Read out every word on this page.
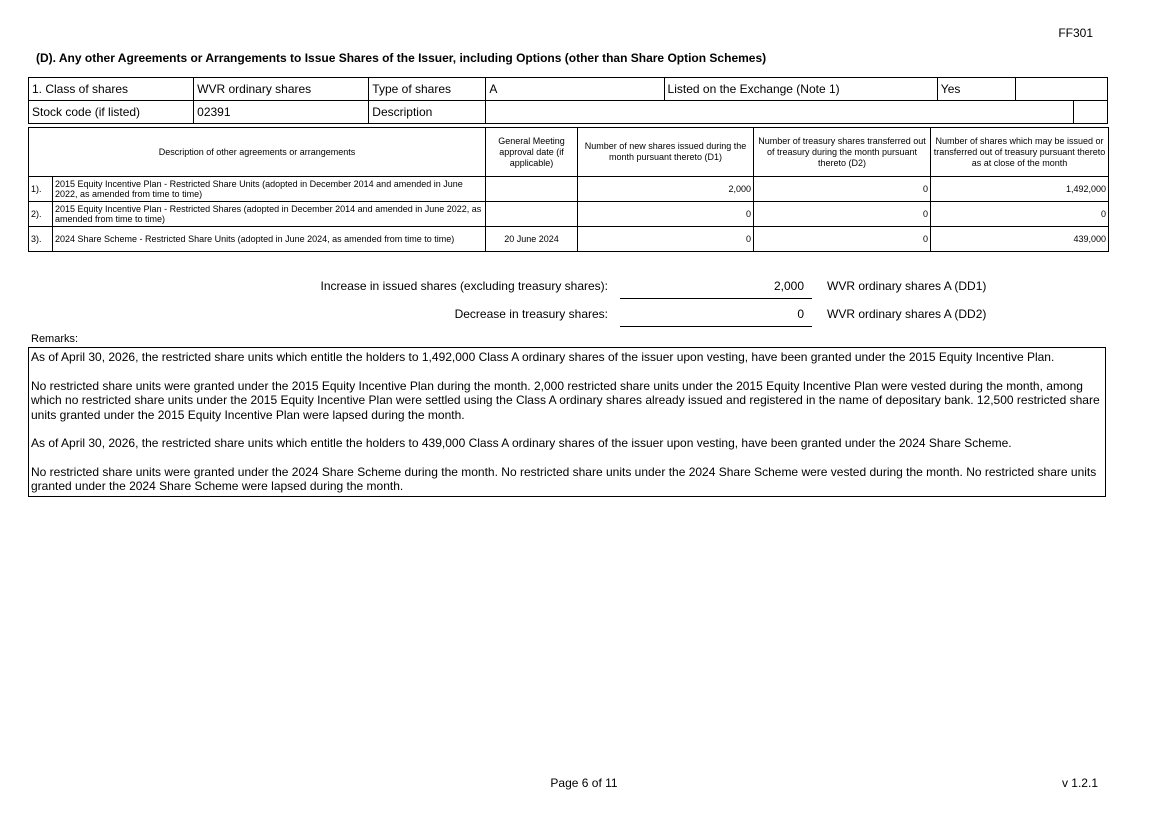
FF301
(D). Any other Agreements or Arrangements to Issue Shares of the Issuer, including Options (other than Share Option Schemes)
1. Class of shares	WVR ordinary shares	Type of shares	A	Listed on the Exchange (Note 1)	Yes		
Stock code (if listed)	02391	Description					
Description of other agreements or arrangements		General Meeting approval date (if applicable)	Number of new shares issued during the month pursuant thereto (D1)	Number of treasury shares transferred out of treasury during the month pursuant thereto (D2)	Number of shares which may be issued or transferred out of treasury pursuant thereto as at close of the month
1).	2015 Equity Incentive Plan - Restricted Share Units (adopted in December 2014 and amended in June 2022, as amended from time to time)		2,000	0	1,492,000
2).	2015 Equity Incentive Plan - Restricted Shares (adopted in December 2014 and amended in June 2022, as amended from time to time)		0	0	0
3).	2024 Share Scheme - Restricted Share Units (adopted in June 2024, as amended from time to time)	20 June 2024	0	0	439,000
Increase in issued shares (excluding treasury shares):	2,000 WVR ordinary shares A (DD1)
Decrease in treasury shares:	0 WVR ordinary shares A (DD2)
Remarks:

As of April 30, 2026, the restricted share units which entitle the holders to 1,492,000 Class A ordinary shares of the issuer upon vesting, have been granted under the 2015 Equity Incentive Plan.

No restricted share units were granted under the 2015 Equity Incentive Plan during the month. 2,000 restricted share units under the 2015 Equity Incentive Plan were vested during the month, among which no restricted share units under the 2015 Equity Incentive Plan were settled using the Class A ordinary shares already issued and registered in the name of depositary bank. 12,500 restricted share units granted under the 2015 Equity Incentive Plan were lapsed during the month.

As of April 30, 2026, the restricted share units which entitle the holders to 439,000 Class A ordinary shares of the issuer upon vesting, have been granted under the 2024 Share Scheme.

No restricted share units were granted under the 2024 Share Scheme during the month. No restricted share units under the 2024 Share Scheme were vested during the month. No restricted share units granted under the 2024 Share Scheme were lapsed during the month.

Page 6 of 11	v 1.2.1
